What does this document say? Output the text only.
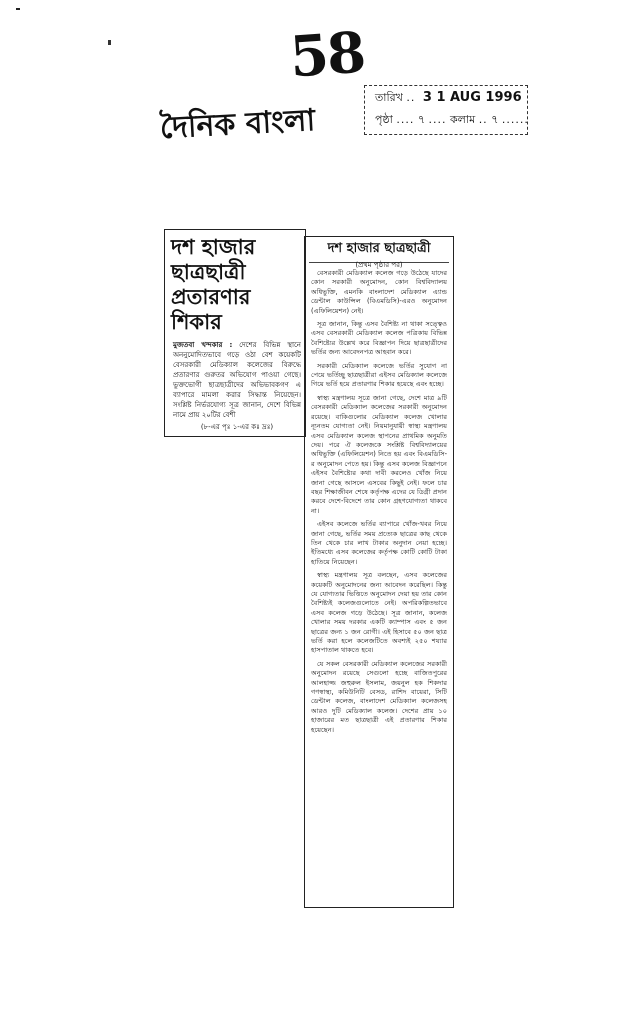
58
দৈনিক বাংলা
তারিখ .. 3 1 AUG 1996
পৃষ্ঠা .... ৭ .... কলাম .. ৭ ......
দশ হাজার ছাত্রছাত্রী প্রতারণার শিকার
মুজতবা খন্দকার : দেশের বিভিন্ন স্থানে অননুমোদিতভাবে গড়ে ওঠা বেশ কয়েকটি বেসরকারী মেডিক্যাল কলেজের বিরুদ্ধে প্রতারণার গুরুতর অভিযোগ পাওয়া গেছে। ভুক্তভোগী ছাত্রছাত্রীদের অভিভাবকগণ এ ব্যাপারে মামলা করার সিদ্ধান্ত নিয়েছেন। সংশ্লিষ্ট নির্ভরযোগ্য সূত্র জানান, দেশে বিভিন্ন নামে প্রায় ২০টির বেশী
(৮-এর পৃঃ ১-এর কঃ দ্রঃ)
দশ হাজার ছাত্রছাত্রী
(প্রথম পৃষ্ঠার পর)

বেসরকারী মেডিক্যাল কলেজ গড়ে উঠেছে যাদের কোন সরকারী অনুমোদন, কোন বিশ্ববিদ্যালয় অধিভুক্তি, এমনকি বাংলাদেশ মেডিক্যাল এ্যান্ড ডেন্টাল কাউন্সিল (বিএমডিসি)-এরও অনুমোদন (এফিলিয়েশন) নেই।

সূত্র জানান, কিন্তু এসব বৈশিষ্ট্য না থাকা সত্ত্বেও এসব বেসরকারী মেডিক্যাল কলেজ পত্রিকায় বিভিন্ন বৈশিষ্ট্যের উল্লেখ করে বিজ্ঞাপন দিয়ে ছাত্রছাত্রীদের ভর্তির জন্য আবেদনপত্র আহবান করে।

সরকারী মেডিক্যাল কলেজে ভর্তির সুযোগ না পেয়ে ভর্তিচ্ছু ছাত্রছাত্রীরা এইসব মেডিক্যাল কলেজে গিয়ে ভর্তি হয়ে প্রতারণার শিকার হয়েছে এবং হচ্ছে।

স্বাস্থ্য মন্ত্রণালয় সূত্রে জানা গেছে, দেশে মাত্র ৯টি বেসরকারী মেডিক্যাল কলেজের সরকারী অনুমোদন রয়েছে। বাকিগুলোর মেডিক্যাল কলেজ খোলার ন্যূনতম যোগ্যতা নেই। নিয়মানুযায়ী স্বাস্থ্য মন্ত্রণালয় এসব মেডিক্যাল কলেজ স্থাপনের প্রাথমিক অনুমতি দেয়। পরে ঐ কলেজকে সংশ্লিষ্ট বিশ্ববিদ্যালয়ের অধিভুক্তি (এফিলিয়েশন) নিতে হয় এবং বিএমডিসি-র অনুমোদন পেতে হয়। কিন্তু এসব কলেজ বিজ্ঞাপনে এইসব বৈশিষ্ট্যের কথা দাবী করলেও খোঁজ নিয়ে জানা গেছে আসলে এসবের কিছুই নেই। ফলে চার বছর শিক্ষাজীবন শেষে কর্তৃপক্ষ এদের যে ডিগ্রী প্রদান করবে দেশে-বিদেশে তার কোন গ্রহণযোগ্যতা থাকবে না।

এইসব কলেজে ভর্তির ব্যাপারে খোঁজ-খবর নিয়ে জানা গেছে, ভর্তির সময় প্রত্যেক ছাত্রের কাছ থেকে তিন থেকে চার লাখ টাকার অনুদান নেয়া হচ্ছে। ইতিমধ্যে এসব কলেজের কর্তৃপক্ষ কোটি কোটি টাকা হাতিয়ে নিয়েছেন।

স্বাস্থ্য মন্ত্রণালয় সূত্র বলছেন, এসব কলেজের কয়েকটি অনুমোদনের জন্য আবেদন করেছিল। কিন্তু যে যোগ্যতার ভিত্তিতে অনুমোদন দেয়া হয় তার কোন বৈশিষ্ট্যই কলেজগুলোতে নেই। অপরিকল্পিতভাবে এসব কলেজ গড়ে উঠেছে। সূত্র জানান, কলেজ খোলার সময় দরকার একটি ক্যাম্পাস এবং ৫ জন ছাত্রের জন্য ১ জন রোগী। এই হিসাবে ৫০ জন ছাত্র ভর্তি করা হলে কলেজটিতে অবশ্যই ২৫০ শয্যার হাসপাতাল থাকতে হবে।

যে সকল বেসরকারী মেডিক্যাল কলেজের সরকারী অনুমোদন রয়েছে সেগুলো হচ্ছে বাজিতপুরের আলহাজ্জ জহুরুল ইসলাম, জয়নুল হক শিকদার গণস্বাস্থ্য, কমিউনিটি বেসড, রাশিদ বায়েরা, সিটি ডেন্টাল কলেজ, বাংলাদেশ মেডিক্যাল কলেজসহ আরও দুটি মেডিক্যাল কলেজ। দেশের প্রায় ১০ হাজারের মত ছাত্রছাত্রী এই প্রতারণার শিকার হয়েছেন।
